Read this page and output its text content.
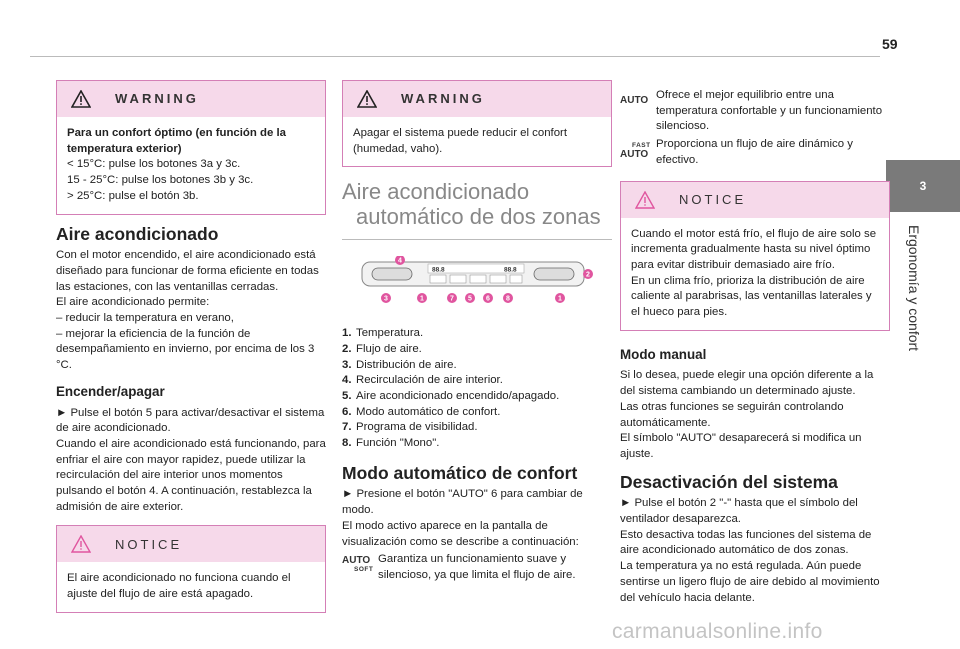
59
3
Ergonomía y confort
WARNING

Para un confort óptimo (en función de la temperatura exterior)

< 15°C: pulse los botones 3a y 3c.

15 - 25°C: pulse los botones 3b y 3c.

> 25°C: pulse el botón 3b.

Aire acondicionado

Con el motor encendido, el aire acondicionado está diseñado para funcionar de forma eficiente en todas las estaciones, con las ventanillas cerradas.

El aire acondicionado permite:

– reducir la temperatura en verano,

– mejorar la eficiencia de la función de desempañamiento en invierno, por encima de los 3 °C.

Encender/apagar

► Pulse el botón 5 para activar/desactivar el sistema de aire acondicionado.

Cuando el aire acondicionado está funcionando, para enfriar el aire con mayor rapidez, puede utilizar la recirculación del aire interior unos momentos pulsando el botón 4. A continuación, restablezca la admisión de aire exterior.

NOTICE

El aire acondicionado no funciona cuando el ajuste del flujo de aire está apagado.

WARNING

Apagar el sistema puede reducir el confort (humedad, vaho).

Aire acondicionado
automático de dos zonas
88.8	88.8
4
2
3	1	7 5 6 8	1
1. Temperatura.
2. Flujo de aire.
3. Distribución de aire.
4. Recirculación de aire interior.
5. Aire acondicionado encendido/apagado.
6. Modo automático de confort.
7. Programa de visibilidad.
8. Función "Mono".
Modo automático de confort

► Presione el botón "AUTO" 6 para cambiar de modo.

El modo activo aparece en la pantalla de visualización como se describe a continuación:

AUTO
SOFT

Garantiza un funcionamiento suave y silencioso, ya que limita el flujo de aire.

AUTO Ofrece el mejor equilibrio entre una temperatura confortable y un funcionamiento silencioso.

FAST
AUTO

Proporciona un flujo de aire dinámico y efectivo.

NOTICE

Cuando el motor está frío, el flujo de aire solo se incrementa gradualmente hasta su nivel óptimo para evitar distribuir demasiado aire frío.

En un clima frío, prioriza la distribución de aire caliente al parabrisas, las ventanillas laterales y el hueco para pies.

Modo manual

Si lo desea, puede elegir una opción diferente a la del sistema cambiando un determinado ajuste.

Las otras funciones se seguirán controlando automáticamente.

El símbolo "AUTO" desaparecerá si modifica un ajuste.

Desactivación del sistema

► Pulse el botón 2 "-" hasta que el símbolo del ventilador desaparezca.

Esto desactiva todas las funciones del sistema de aire acondicionado automático de dos zonas.

La temperatura ya no está regulada. Aún puede sentirse un ligero flujo de aire debido al movimiento del vehículo hacia delante.

carmanualsonline.info
